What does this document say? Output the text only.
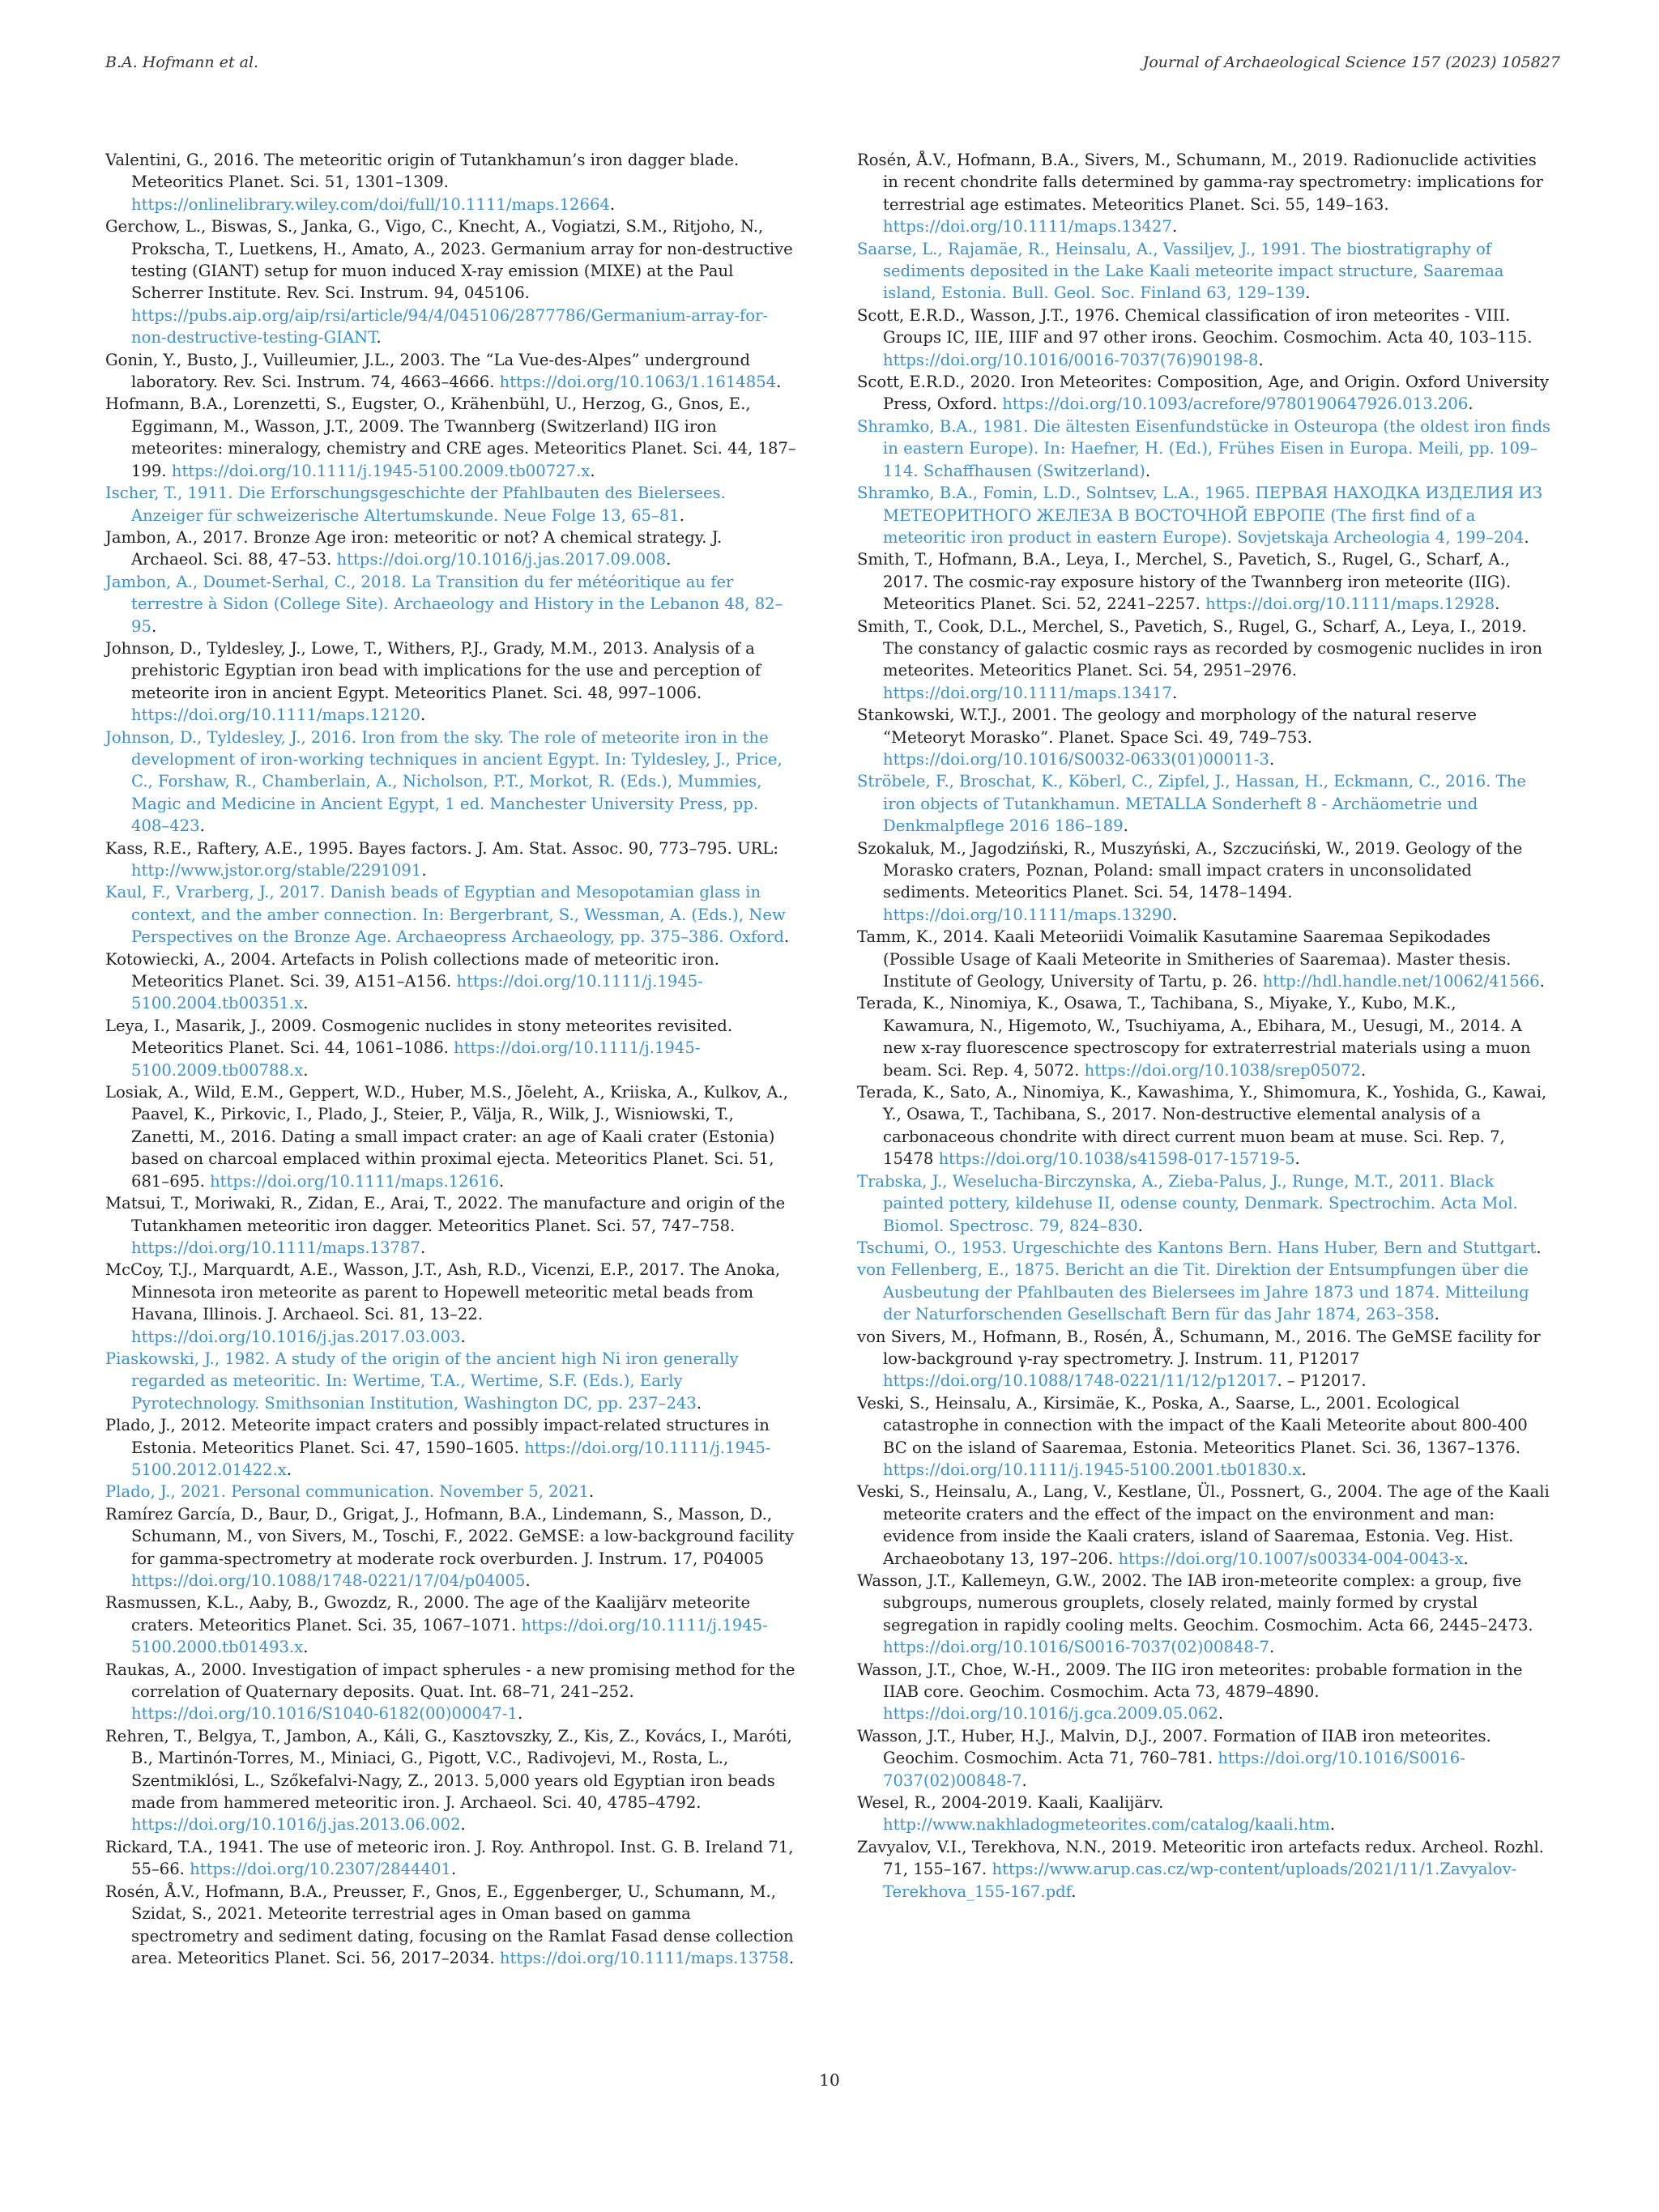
B.A. Hofmann et al.	Journal of Archaeological Science 157 (2023) 105827
Valentini, G., 2016. The meteoritic origin of Tutankhamun’s iron dagger blade. Meteoritics Planet. Sci. 51, 1301–1309. https://onlinelibrary.wiley.com/doi/full/10.1111/maps.12664.
Gerchow, L., Biswas, S., Janka, G., Vigo, C., Knecht, A., Vogiatzi, S.M., Ritjoho, N., Prokscha, T., Luetkens, H., Amato, A., 2023. Germanium array for non-destructive testing (GIANT) setup for muon induced X-ray emission (MIXE) at the Paul Scherrer Institute. Rev. Sci. Instrum. 94, 045106. https://pubs.aip.org/aip/rsi/article/94/4/045106/2877786/Germanium-array-for-non-destructive-testing-GIANT.
Gonin, Y., Busto, J., Vuilleumier, J.L., 2003. The “La Vue-des-Alpes” underground laboratory. Rev. Sci. Instrum. 74, 4663–4666. https://doi.org/10.1063/1.1614854.
Hofmann, B.A., Lorenzetti, S., Eugster, O., Krähenbühl, U., Herzog, G., Gnos, E., Eggimann, M., Wasson, J.T., 2009. The Twannberg (Switzerland) IIG iron meteorites: mineralogy, chemistry and CRE ages. Meteoritics Planet. Sci. 44, 187–199. https://doi.org/10.1111/j.1945-5100.2009.tb00727.x.
Ischer, T., 1911. Die Erforschungsgeschichte der Pfahlbauten des Bielersees. Anzeiger für schweizerische Altertumskunde. Neue Folge 13, 65–81.
Jambon, A., 2017. Bronze Age iron: meteoritic or not? A chemical strategy. J. Archaeol. Sci. 88, 47–53. https://doi.org/10.1016/j.jas.2017.09.008.
Jambon, A., Doumet-Serhal, C., 2018. La Transition du fer météoritique au fer terrestre à Sidon (College Site). Archaeology and History in the Lebanon 48, 82–95.
Johnson, D., Tyldesley, J., Lowe, T., Withers, P.J., Grady, M.M., 2013. Analysis of a prehistoric Egyptian iron bead with implications for the use and perception of meteorite iron in ancient Egypt. Meteoritics Planet. Sci. 48, 997–1006. https://doi.org/10.1111/maps.12120.
Johnson, D., Tyldesley, J., 2016. Iron from the sky. The role of meteorite iron in the development of iron-working techniques in ancient Egypt. In: Tyldesley, J., Price, C., Forshaw, R., Chamberlain, A., Nicholson, P.T., Morkot, R. (Eds.), Mummies, Magic and Medicine in Ancient Egypt, 1 ed. Manchester University Press, pp. 408–423.
Kass, R.E., Raftery, A.E., 1995. Bayes factors. J. Am. Stat. Assoc. 90, 773–795. URL: http://www.jstor.org/stable/2291091.
Kaul, F., Vrarberg, J., 2017. Danish beads of Egyptian and Mesopotamian glass in context, and the amber connection. In: Bergerbrant, S., Wessman, A. (Eds.), New Perspectives on the Bronze Age. Archaeopress Archaeology, pp. 375–386. Oxford.
Kotowiecki, A., 2004. Artefacts in Polish collections made of meteoritic iron. Meteoritics Planet. Sci. 39, A151–A156. https://doi.org/10.1111/j.1945-5100.2004.tb00351.x.
Leya, I., Masarik, J., 2009. Cosmogenic nuclides in stony meteorites revisited. Meteoritics Planet. Sci. 44, 1061–1086. https://doi.org/10.1111/j.1945-5100.2009.tb00788.x.
Losiak, A., Wild, E.M., Geppert, W.D., Huber, M.S., Jõeleht, A., Kriiska, A., Kulkov, A., Paavel, K., Pirkovic, I., Plado, J., Steier, P., Välja, R., Wilk, J., Wisniowski, T., Zanetti, M., 2016. Dating a small impact crater: an age of Kaali crater (Estonia) based on charcoal emplaced within proximal ejecta. Meteoritics Planet. Sci. 51, 681–695. https://doi.org/10.1111/maps.12616.
Matsui, T., Moriwaki, R., Zidan, E., Arai, T., 2022. The manufacture and origin of the Tutankhamen meteoritic iron dagger. Meteoritics Planet. Sci. 57, 747–758. https://doi.org/10.1111/maps.13787.
McCoy, T.J., Marquardt, A.E., Wasson, J.T., Ash, R.D., Vicenzi, E.P., 2017. The Anoka, Minnesota iron meteorite as parent to Hopewell meteoritic metal beads from Havana, Illinois. J. Archaeol. Sci. 81, 13–22. https://doi.org/10.1016/j.jas.2017.03.003.
Piaskowski, J., 1982. A study of the origin of the ancient high Ni iron generally regarded as meteoritic. In: Wertime, T.A., Wertime, S.F. (Eds.), Early Pyrotechnology. Smithsonian Institution, Washington DC, pp. 237–243.
Plado, J., 2012. Meteorite impact craters and possibly impact-related structures in Estonia. Meteoritics Planet. Sci. 47, 1590–1605. https://doi.org/10.1111/j.1945-5100.2012.01422.x.
Plado, J., 2021. Personal communication. November 5, 2021.
Ramírez García, D., Baur, D., Grigat, J., Hofmann, B.A., Lindemann, S., Masson, D., Schumann, M., von Sivers, M., Toschi, F., 2022. GeMSE: a low-background facility for gamma-spectrometry at moderate rock overburden. J. Instrum. 17, P04005 https://doi.org/10.1088/1748-0221/17/04/p04005.
Rasmussen, K.L., Aaby, B., Gwozdz, R., 2000. The age of the Kaalijärv meteorite craters. Meteoritics Planet. Sci. 35, 1067–1071. https://doi.org/10.1111/j.1945-5100.2000.tb01493.x.
Raukas, A., 2000. Investigation of impact spherules - a new promising method for the correlation of Quaternary deposits. Quat. Int. 68–71, 241–252. https://doi.org/10.1016/S1040-6182(00)00047-1.
Rehren, T., Belgya, T., Jambon, A., Káli, G., Kasztovszky, Z., Kis, Z., Kovács, I., Maróti, B., Martinón-Torres, M., Miniaci, G., Pigott, V.C., Radivojevi, M., Rosta, L., Szentmiklósi, L., Szőkefalvi-Nagy, Z., 2013. 5,000 years old Egyptian iron beads made from hammered meteoritic iron. J. Archaeol. Sci. 40, 4785–4792. https://doi.org/10.1016/j.jas.2013.06.002.
Rickard, T.A., 1941. The use of meteoric iron. J. Roy. Anthropol. Inst. G. B. Ireland 71, 55–66. https://doi.org/10.2307/2844401.
Rosén, Å.V., Hofmann, B.A., Preusser, F., Gnos, E., Eggenberger, U., Schumann, M., Szidat, S., 2021. Meteorite terrestrial ages in Oman based on gamma spectrometry and sediment dating, focusing on the Ramlat Fasad dense collection area. Meteoritics Planet. Sci. 56, 2017–2034. https://doi.org/10.1111/maps.13758.
Rosén, Å.V., Hofmann, B.A., Sivers, M., Schumann, M., 2019. Radionuclide activities in recent chondrite falls determined by gamma-ray spectrometry: implications for terrestrial age estimates. Meteoritics Planet. Sci. 55, 149–163. https://doi.org/10.1111/maps.13427.
Saarse, L., Rajamäe, R., Heinsalu, A., Vassiljev, J., 1991. The biostratigraphy of sediments deposited in the Lake Kaali meteorite impact structure, Saaremaa island, Estonia. Bull. Geol. Soc. Finland 63, 129–139.
Scott, E.R.D., Wasson, J.T., 1976. Chemical classification of iron meteorites - VIII. Groups IC, IIE, IIIF and 97 other irons. Geochim. Cosmochim. Acta 40, 103–115. https://doi.org/10.1016/0016-7037(76)90198-8.
Scott, E.R.D., 2020. Iron Meteorites: Composition, Age, and Origin. Oxford University Press, Oxford. https://doi.org/10.1093/acrefore/9780190647926.013.206.
Shramko, B.A., 1981. Die ältesten Eisenfundstücke in Osteuropa (the oldest iron finds in eastern Europe). In: Haefner, H. (Ed.), Frühes Eisen in Europa. Meili, pp. 109–114. Schaffhausen (Switzerland).
Shramko, B.A., Fomin, L.D., Solntsev, L.A., 1965. ПЕРВАЯ НАХОДКА ИЗДЕЛИЯ ИЗ МЕТЕОРИТНОГО ЖЕЛЕЗА В ВОСТОЧНОЙ ЕВРОПЕ (The first find of a meteoritic iron product in eastern Europe). Sovjetskaja Archeologia 4, 199–204.
Smith, T., Hofmann, B.A., Leya, I., Merchel, S., Pavetich, S., Rugel, G., Scharf, A., 2017. The cosmic-ray exposure history of the Twannberg iron meteorite (IIG). Meteoritics Planet. Sci. 52, 2241–2257. https://doi.org/10.1111/maps.12928.
Smith, T., Cook, D.L., Merchel, S., Pavetich, S., Rugel, G., Scharf, A., Leya, I., 2019. The constancy of galactic cosmic rays as recorded by cosmogenic nuclides in iron meteorites. Meteoritics Planet. Sci. 54, 2951–2976. https://doi.org/10.1111/maps.13417.
Stankowski, W.T.J., 2001. The geology and morphology of the natural reserve “Meteoryt Morasko”. Planet. Space Sci. 49, 749–753. https://doi.org/10.1016/S0032-0633(01)00011-3.
Ströbele, F., Broschat, K., Köberl, C., Zipfel, J., Hassan, H., Eckmann, C., 2016. The iron objects of Tutankhamun. METALLA Sonderheft 8 - Archäometrie und Denkmalpflege 2016 186–189.
Szokaluk, M., Jagodziński, R., Muszyński, A., Szczuciński, W., 2019. Geology of the Morasko craters, Poznan, Poland: small impact craters in unconsolidated sediments. Meteoritics Planet. Sci. 54, 1478–1494. https://doi.org/10.1111/maps.13290.
Tamm, K., 2014. Kaali Meteoriidi Voimalik Kasutamine Saaremaa Sepikodades (Possible Usage of Kaali Meteorite in Smitheries of Saaremaa). Master thesis. Institute of Geology, University of Tartu, p. 26. http://hdl.handle.net/10062/41566.
Terada, K., Ninomiya, K., Osawa, T., Tachibana, S., Miyake, Y., Kubo, M.K., Kawamura, N., Higemoto, W., Tsuchiyama, A., Ebihara, M., Uesugi, M., 2014. A new x-ray fluorescence spectroscopy for extraterrestrial materials using a muon beam. Sci. Rep. 4, 5072. https://doi.org/10.1038/srep05072.
Terada, K., Sato, A., Ninomiya, K., Kawashima, Y., Shimomura, K., Yoshida, G., Kawai, Y., Osawa, T., Tachibana, S., 2017. Non-destructive elemental analysis of a carbonaceous chondrite with direct current muon beam at muse. Sci. Rep. 7, 15478 https://doi.org/10.1038/s41598-017-15719-5.
Trabska, J., Weselucha-Birczynska, A., Zieba-Palus, J., Runge, M.T., 2011. Black painted pottery, kildehuse II, odense county, Denmark. Spectrochim. Acta Mol. Biomol. Spectrosc. 79, 824–830.
Tschumi, O., 1953. Urgeschichte des Kantons Bern. Hans Huber, Bern and Stuttgart.
von Fellenberg, E., 1875. Bericht an die Tit. Direktion der Entsumpfungen über die Ausbeutung der Pfahlbauten des Bielersees im Jahre 1873 und 1874. Mitteilung der Naturforschenden Gesellschaft Bern für das Jahr 1874, 263–358.
von Sivers, M., Hofmann, B., Rosén, Å., Schumann, M., 2016. The GeMSE facility for low-background γ-ray spectrometry. J. Instrum. 11, P12017 https://doi.org/10.1088/1748-0221/11/12/p12017. – P12017.
Veski, S., Heinsalu, A., Kirsimäe, K., Poska, A., Saarse, L., 2001. Ecological catastrophe in connection with the impact of the Kaali Meteorite about 800-400 BC on the island of Saaremaa, Estonia. Meteoritics Planet. Sci. 36, 1367–1376. https://doi.org/10.1111/j.1945-5100.2001.tb01830.x.
Veski, S., Heinsalu, A., Lang, V., Kestlane, Ül., Possnert, G., 2004. The age of the Kaali meteorite craters and the effect of the impact on the environment and man: evidence from inside the Kaali craters, island of Saaremaa, Estonia. Veg. Hist. Archaeobotany 13, 197–206. https://doi.org/10.1007/s00334-004-0043-x.
Wasson, J.T., Kallemeyn, G.W., 2002. The IAB iron-meteorite complex: a group, five subgroups, numerous grouplets, closely related, mainly formed by crystal segregation in rapidly cooling melts. Geochim. Cosmochim. Acta 66, 2445–2473. https://doi.org/10.1016/S0016-7037(02)00848-7.
Wasson, J.T., Choe, W.-H., 2009. The IIG iron meteorites: probable formation in the IIAB core. Geochim. Cosmochim. Acta 73, 4879–4890. https://doi.org/10.1016/j.gca.2009.05.062.
Wasson, J.T., Huber, H.J., Malvin, D.J., 2007. Formation of IIAB iron meteorites. Geochim. Cosmochim. Acta 71, 760–781. https://doi.org/10.1016/S0016-7037(02)00848-7.
Wesel, R., 2004-2019. Kaali, Kaalijärv. http://www.nakhladogmeteorites.com/catalog/kaali.htm.
Zavyalov, V.I., Terekhova, N.N., 2019. Meteoritic iron artefacts redux. Archeol. Rozhl. 71, 155–167. https://www.arup.cas.cz/wp-content/uploads/2021/11/1.Zavyalov-Terekhova_155-167.pdf.
10
